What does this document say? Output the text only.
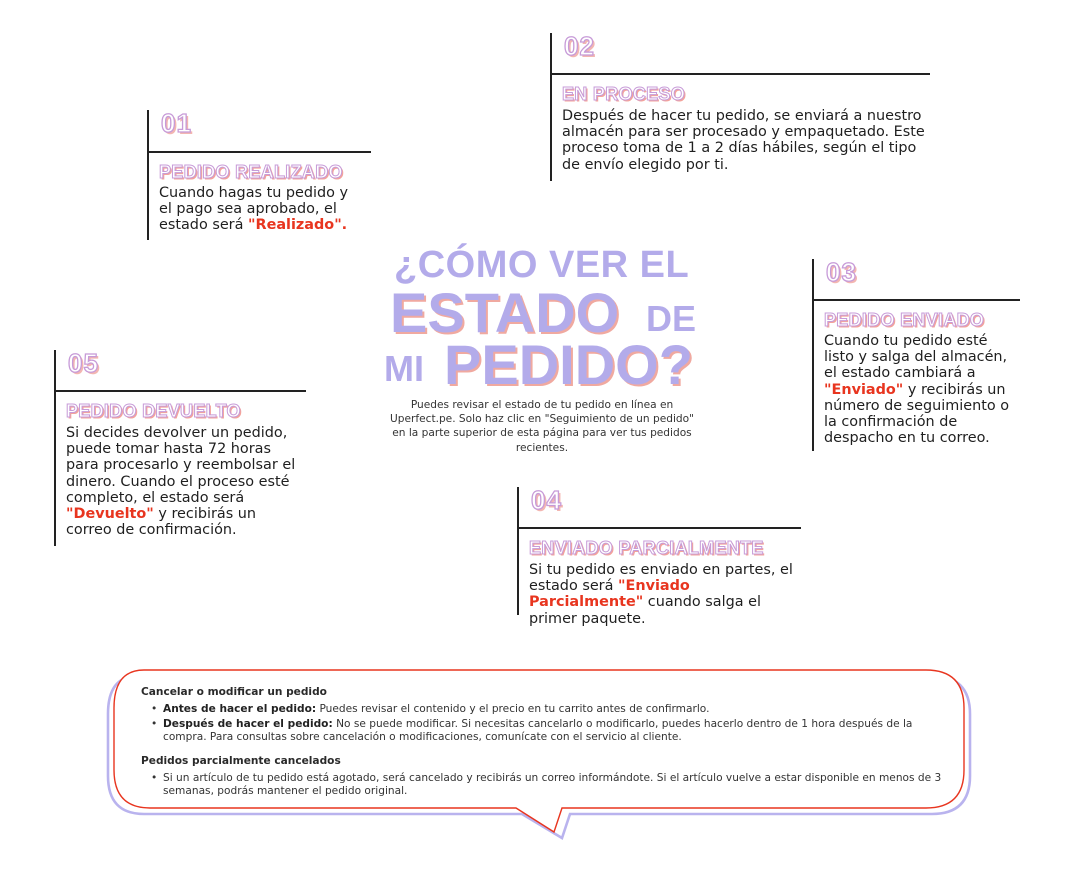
01
PEDIDO REALIZADO
Cuando hagas tu pedido y el pago sea aprobado, el estado será "Realizado".
02
EN PROCESO
Después de hacer tu pedido, se enviará a nuestro almacén para ser procesado y empaquetado. Este proceso toma de 1 a 2 días hábiles, según el tipo de envío elegido por ti.
03
PEDIDO ENVIADO
Cuando tu pedido esté listo y salga del almacén, el estado cambiará a "Enviado" y recibirás un número de seguimiento o la confirmación de despacho en tu correo.
04
ENVIADO PARCIALMENTE
Si tu pedido es enviado en partes, el estado será "Enviado Parcialmente" cuando salga el primer paquete.
05
PEDIDO DEVUELTO
Si decides devolver un pedido, puede tomar hasta 72 horas para procesarlo y reembolsar el dinero. Cuando el proceso esté completo, el estado será "Devuelto" y recibirás un correo de confirmación.
¿CÓMO VER EL
ESTADO DE
MI PEDIDO?
Puedes revisar el estado de tu pedido en línea en Uperfect.pe. Solo haz clic en "Seguimiento de un pedido" en la parte superior de esta página para ver tus pedidos recientes.
Cancelar o modificar un pedido
• Antes de hacer el pedido: Puedes revisar el contenido y el precio en tu carrito antes de confirmarlo.
• Después de hacer el pedido: No se puede modificar. Si necesitas cancelarlo o modificarlo, puedes hacerlo dentro de 1 hora después de la compra. Para consultas sobre cancelación o modificaciones, comunícate con el servicio al cliente.
Pedidos parcialmente cancelados
• Si un artículo de tu pedido está agotado, será cancelado y recibirás un correo informándote. Si el artículo vuelve a estar disponible en menos de 3 semanas, podrás mantener el pedido original.
